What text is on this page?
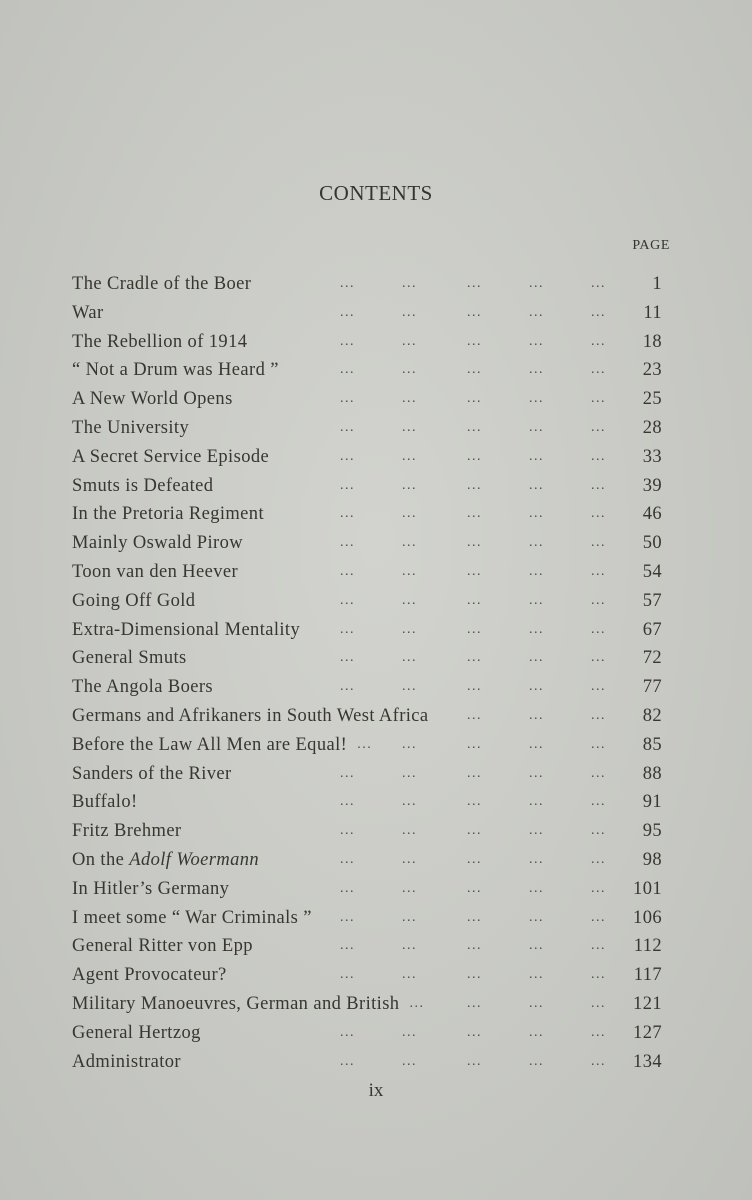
CONTENTS
PAGE
...	...	...	...	...
The Cradle of the Boer	1
...	...	...	...	...
War	11
...	...	...	...	...
The Rebellion of 1914	18
...	...	...	...	...
“ Not a Drum was Heard ”	23
...	...	...	...	...
A New World Opens	25
...	...	...	...	...
The University	28
...	...	...	...	...
A Secret Service Episode	33
...	...	...	...	...
Smuts is Defeated	39
...	...	...	...	...
In the Pretoria Regiment	46
...	...	...	...	...
Mainly Oswald Pirow	50
...	...	...	...	...
Toon van den Heever	54
...	...	...	...	...
Going Off Gold	57
...	...	...	...	...
Extra-Dimensional Mentality	67
...	...	...	...	...
General Smuts	72
...	...	...	...	...
The Angola Boers	77
...	...	...
Germans and Afrikaners in South West Africa	82
... ...	...	...	...
Before the Law All Men are Equal!	85
...	...	...	...	...
Sanders of the River	88
...	...	...	...	...
Buffalo!	91
...	...	...	...	...
Fritz Brehmer	95
...	...	...	...	...
On the Adolf Woermann	98
...	...	...	...	...
In Hitler’s Germany	101
...	...	...	...	...
I meet some “ War Criminals ”	106
...	...	...	...	...
General Ritter von Epp	112
...	...	...	...	...
Agent Provocateur?	117
...	...	...	...
Military Manoeuvres, German and British	121
...	...	...	...	...
General Hertzog	127
...	...	...	...	...
Administrator	134
ix
